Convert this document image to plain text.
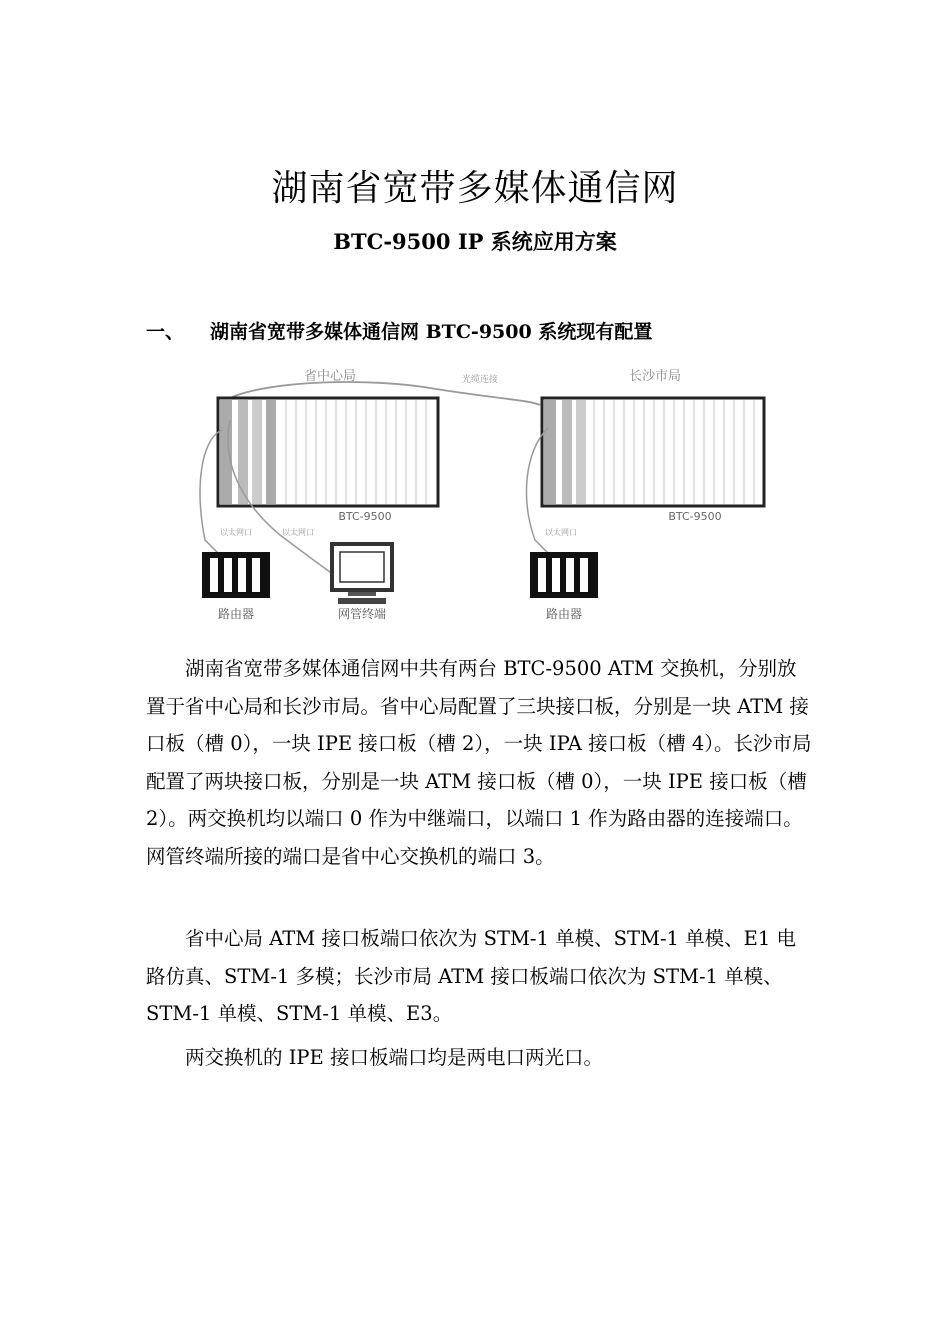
湖南省宽带多媒体通信网
BTC-9500 IP 系统应用方案
一、 湖南省宽带多媒体通信网 BTC-9500 系统现有配置
省中心局	长沙市局
光缆连接
BTC-9500	BTC-9500
以太网口	以太网口	以太网口
路由器	网管终端	路由器

湖南省宽带多媒体通信网中共有两台 BTC-9500 ATM 交换机，分别放置于省中心局和长沙市局。省中心局配置了三块接口板，分别是一块 ATM 接口板（槽 0），一块 IPE 接口板（槽 2），一块 IPA 接口板（槽 4）。长沙市局配置了两块接口板，分别是一块 ATM 接口板（槽 0），一块 IPE 接口板（槽 2）。两交换机均以端口 0 作为中继端口，以端口 1 作为路由器的连接端口。网管终端所接的端口是省中心交换机的端口 3。

省中心局 ATM 接口板端口依次为 STM-1 单模、STM-1 单模、E1 电路仿真、STM-1 多模；长沙市局 ATM 接口板端口依次为 STM-1 单模、STM-1 单模、STM-1 单模、E3。

两交换机的 IPE 接口板端口均是两电口两光口。
